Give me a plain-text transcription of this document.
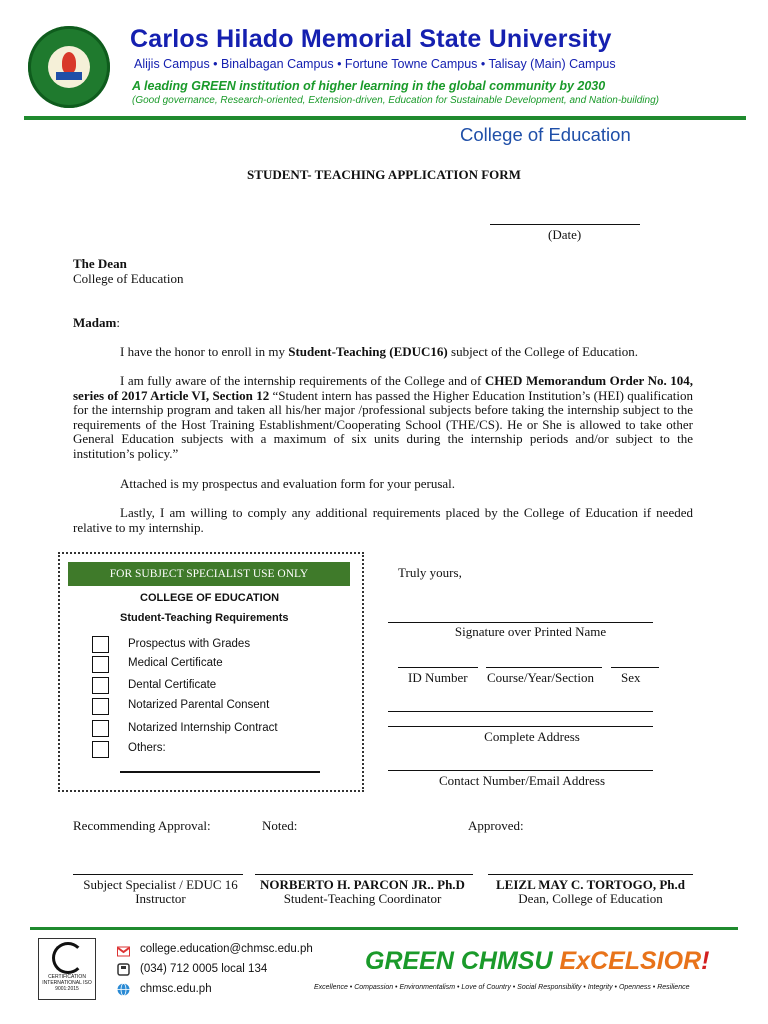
Carlos Hilado Memorial State University
Alijis Campus • Binalbagan Campus • Fortune Towne Campus • Talisay (Main) Campus
A leading GREEN institution of higher learning in the global community by 2030
(Good governance, Research-oriented, Extension-driven, Education for Sustainable Development, and Nation-building)
College of Education
STUDENT- TEACHING APPLICATION FORM
(Date)
The Dean
College of Education
Madam:
I have the honor to enroll in my Student-Teaching (EDUC16) subject of the College of Education.
I am fully aware of the internship requirements of the College and of CHED Memorandum Order No. 104, series of 2017 Article VI, Section 12 “Student intern has passed the Higher Education Institution’s (HEI) qualification for the internship program and taken all his/her major /professional subjects before taking the internship subject to the requirements of the Host Training Establishment/Cooperating School (THE/CS). He or She is allowed to take other General Education subjects with a maximum of six units during the internship periods and/or subject to the institution’s policy.”
Attached is my prospectus and evaluation form for your perusal.
Lastly, I am willing to comply any additional requirements placed by the College of Education if needed relative to my internship.
FOR SUBJECT SPECIALIST USE ONLY
COLLEGE OF EDUCATION
Student-Teaching Requirements
Prospectus with Grades
Medical Certificate
Dental Certificate
Notarized Parental Consent
Notarized Internship Contract
Others:
Truly yours,
Signature over Printed Name
ID Number Course/Year/Section Sex
Complete Address
Contact Number/Email Address
Recommending Approval:	Noted:	Approved:
Subject Specialist / EDUC 16
Instructor
NORBERTO H. PARCON JR.. Ph.D
Student-Teaching Coordinator
LEIZL MAY C. TORTOGO, Ph.d
Dean, College of Education
CERTIFICATION INTERNATIONAL ISO 9001:2015
college.education@chmsc.edu.ph
(034) 712 0005 local 134
chmsc.edu.ph
GREEN CHMSU ExCELSIOR!
Excellence • Compassion • Environmentalism • Love of Country • Social Responsibility • Integrity • Openness • Resilience
